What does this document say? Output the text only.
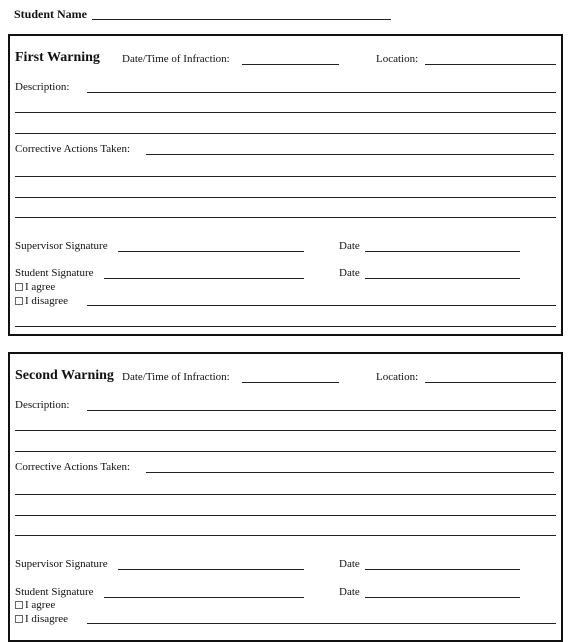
Student Name
First Warning Date/Time of Infraction:	Location:
Description:
Corrective Actions Taken:
Supervisor Signature	Date
Student Signature	Date
I agree
I disagree
Second Warning Date/Time of Infraction:	Location:
Description:
Corrective Actions Taken:
Supervisor Signature	Date
Student Signature	Date
I agree
I disagree
